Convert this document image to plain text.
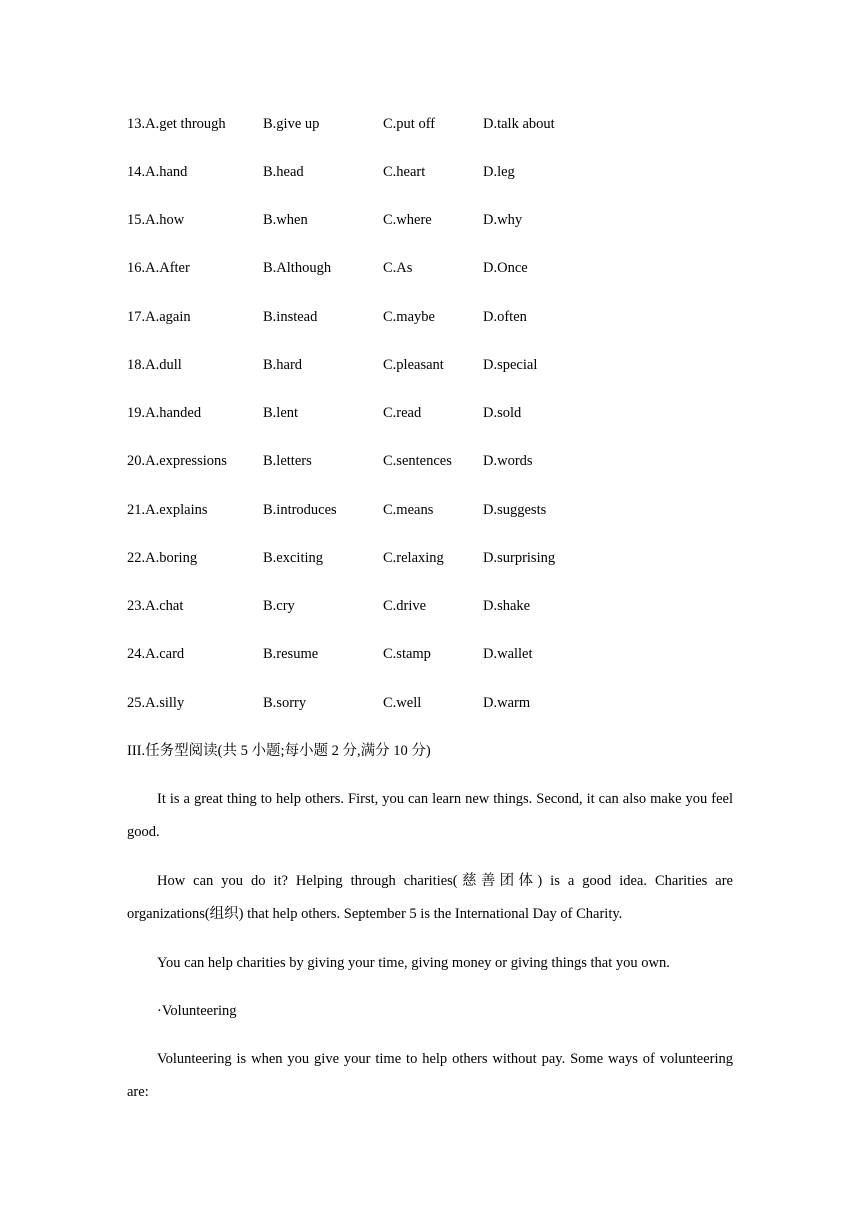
13.A.get through	B.give up	C.put off	D.talk about
14.A.hand	B.head	C.heart	D.leg
15.A.how	B.when	C.where	D.why
16.A.After	B.Although	C.As	D.Once
17.A.again	B.instead	C.maybe	D.often
18.A.dull	B.hard	C.pleasant	D.special
19.A.handed	B.lent	C.read	D.sold
20.A.expressions B.letters	C.sentences D.words
21.A.explains	B.introduces	C.means	D.suggests
22.A.boring	B.exciting	C.relaxing	D.surprising
23.A.chat	B.cry	C.drive	D.shake
24.A.card	B.resume	C.stamp	D.wallet
25.A.silly	B.sorry	C.well	D.warm
III.任务型阅读(共 5 小题;每小题 2 分,满分 10 分)
It is a great thing to help others. First, you can learn new things. Second, it can also make you feel good.
How can you do it? Helping through charities(慈善团体) is a good idea. Charities are organizations(组织) that help others. September 5 is the International Day of Charity.
You can help charities by giving your time, giving money or giving things that you own.
·Volunteering
Volunteering is when you give your time to help others without pay. Some ways of volunteering are:
